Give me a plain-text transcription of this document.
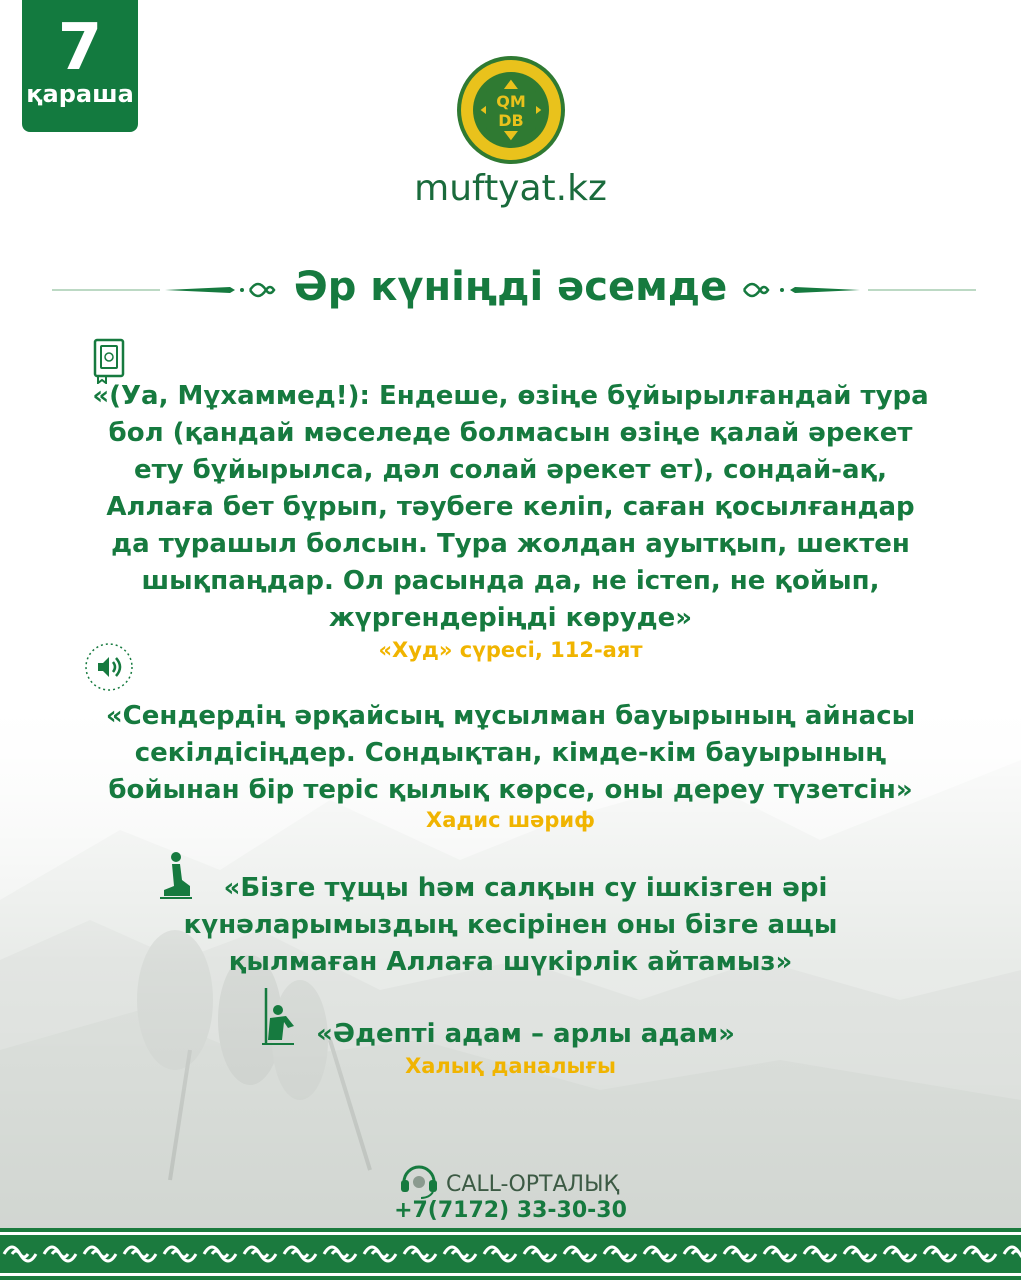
7
қараша	QM
DB
muftyat.kz
Әр күніңді әсемде
«(Уа, Мұхаммед!): Ендеше, өзіңе бұйырылғандай тура
бол (қандай мәселеде болмасын өзіңе қалай әрекет
ету бұйырылса, дәл солай әрекет ет), сондай-ақ,
Аллаға бет бұрып, тәубеге келіп, саған қосылғандар
да турашыл болсын. Тура жолдан ауытқып, шектен
шықпаңдар. Ол расында да, не істеп, не қойып,
жүргендеріңді көруде»
«Худ» сүресі, 112-аят
«Сендердің әрқайсың мұсылман бауырының айнасы
секілдісіңдер. Сондықтан, кімде-кім бауырының
бойынан бір теріс қылық көрсе, оны дереу түзетсін»
Хадис шәриф
«Бізге тұщы һәм салқын су ішкізген әрі
күнәларымыздың кесірінен оны бізге ащы
қылмаған Аллаға шүкірлік айтамыз»
«Әдепті адам – арлы адам»
Халық даналығы
CALL-ОРТАЛЫҚ
+7(7172) 33-30-30
